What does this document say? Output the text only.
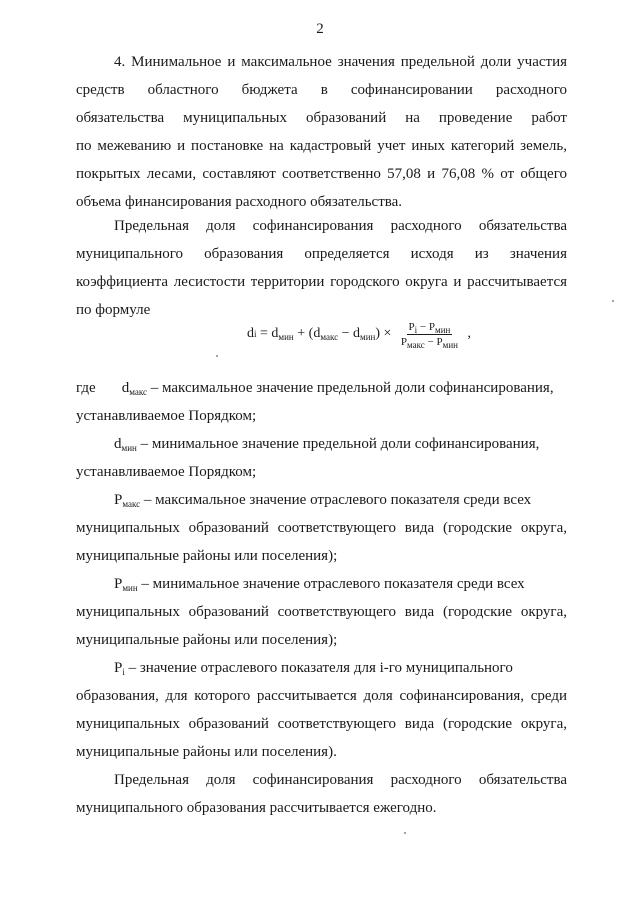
2
4. Минимальное и максимальное значения предельной доли участия
средств областного бюджета в софинансировании расходного
обязательства муниципальных образований на проведение работ
по межеванию и постановке на кадастровый учет иных категорий земель,
покрытых лесами, составляют соответственно 57,08 и 76,08 % от общего
объема финансирования расходного обязательства.
Предельная доля софинансирования расходного обязательства
муниципального образования определяется исходя из значения
коэффициента лесистости территории городского округа и рассчитывается
по формуле
где $d_{макс}$ – максимальное значение предельной доли софинансирования,
устанавливаемое Порядком;
$d_{мин}$ – минимальное значение предельной доли софинансирования,
устанавливаемое Порядком;
$P_{макс}$ – максимальное значение отраслевого показателя среди всех
муниципальных образований соответствующего вида (городские округа,
муниципальные районы или поселения);
$P_{мин}$ – минимальное значение отраслевого показателя среди всех
муниципальных образований соответствующего вида (городские округа,
муниципальные районы или поселения);
$P_i$ – значение отраслевого показателя для i-го муниципального
образования, для которого рассчитывается доля софинансирования, среди
муниципальных образований соответствующего вида (городские округа,
муниципальные районы или поселения).
Предельная доля софинансирования расходного обязательства
муниципального образования рассчитывается ежегодно.
d $i = d_{мин}$ + ( $d_{макс} - d_{мин}$ ) × $\frac{P_i - P_{мин}}{P_{макс} - P_{мин}}$ ,
